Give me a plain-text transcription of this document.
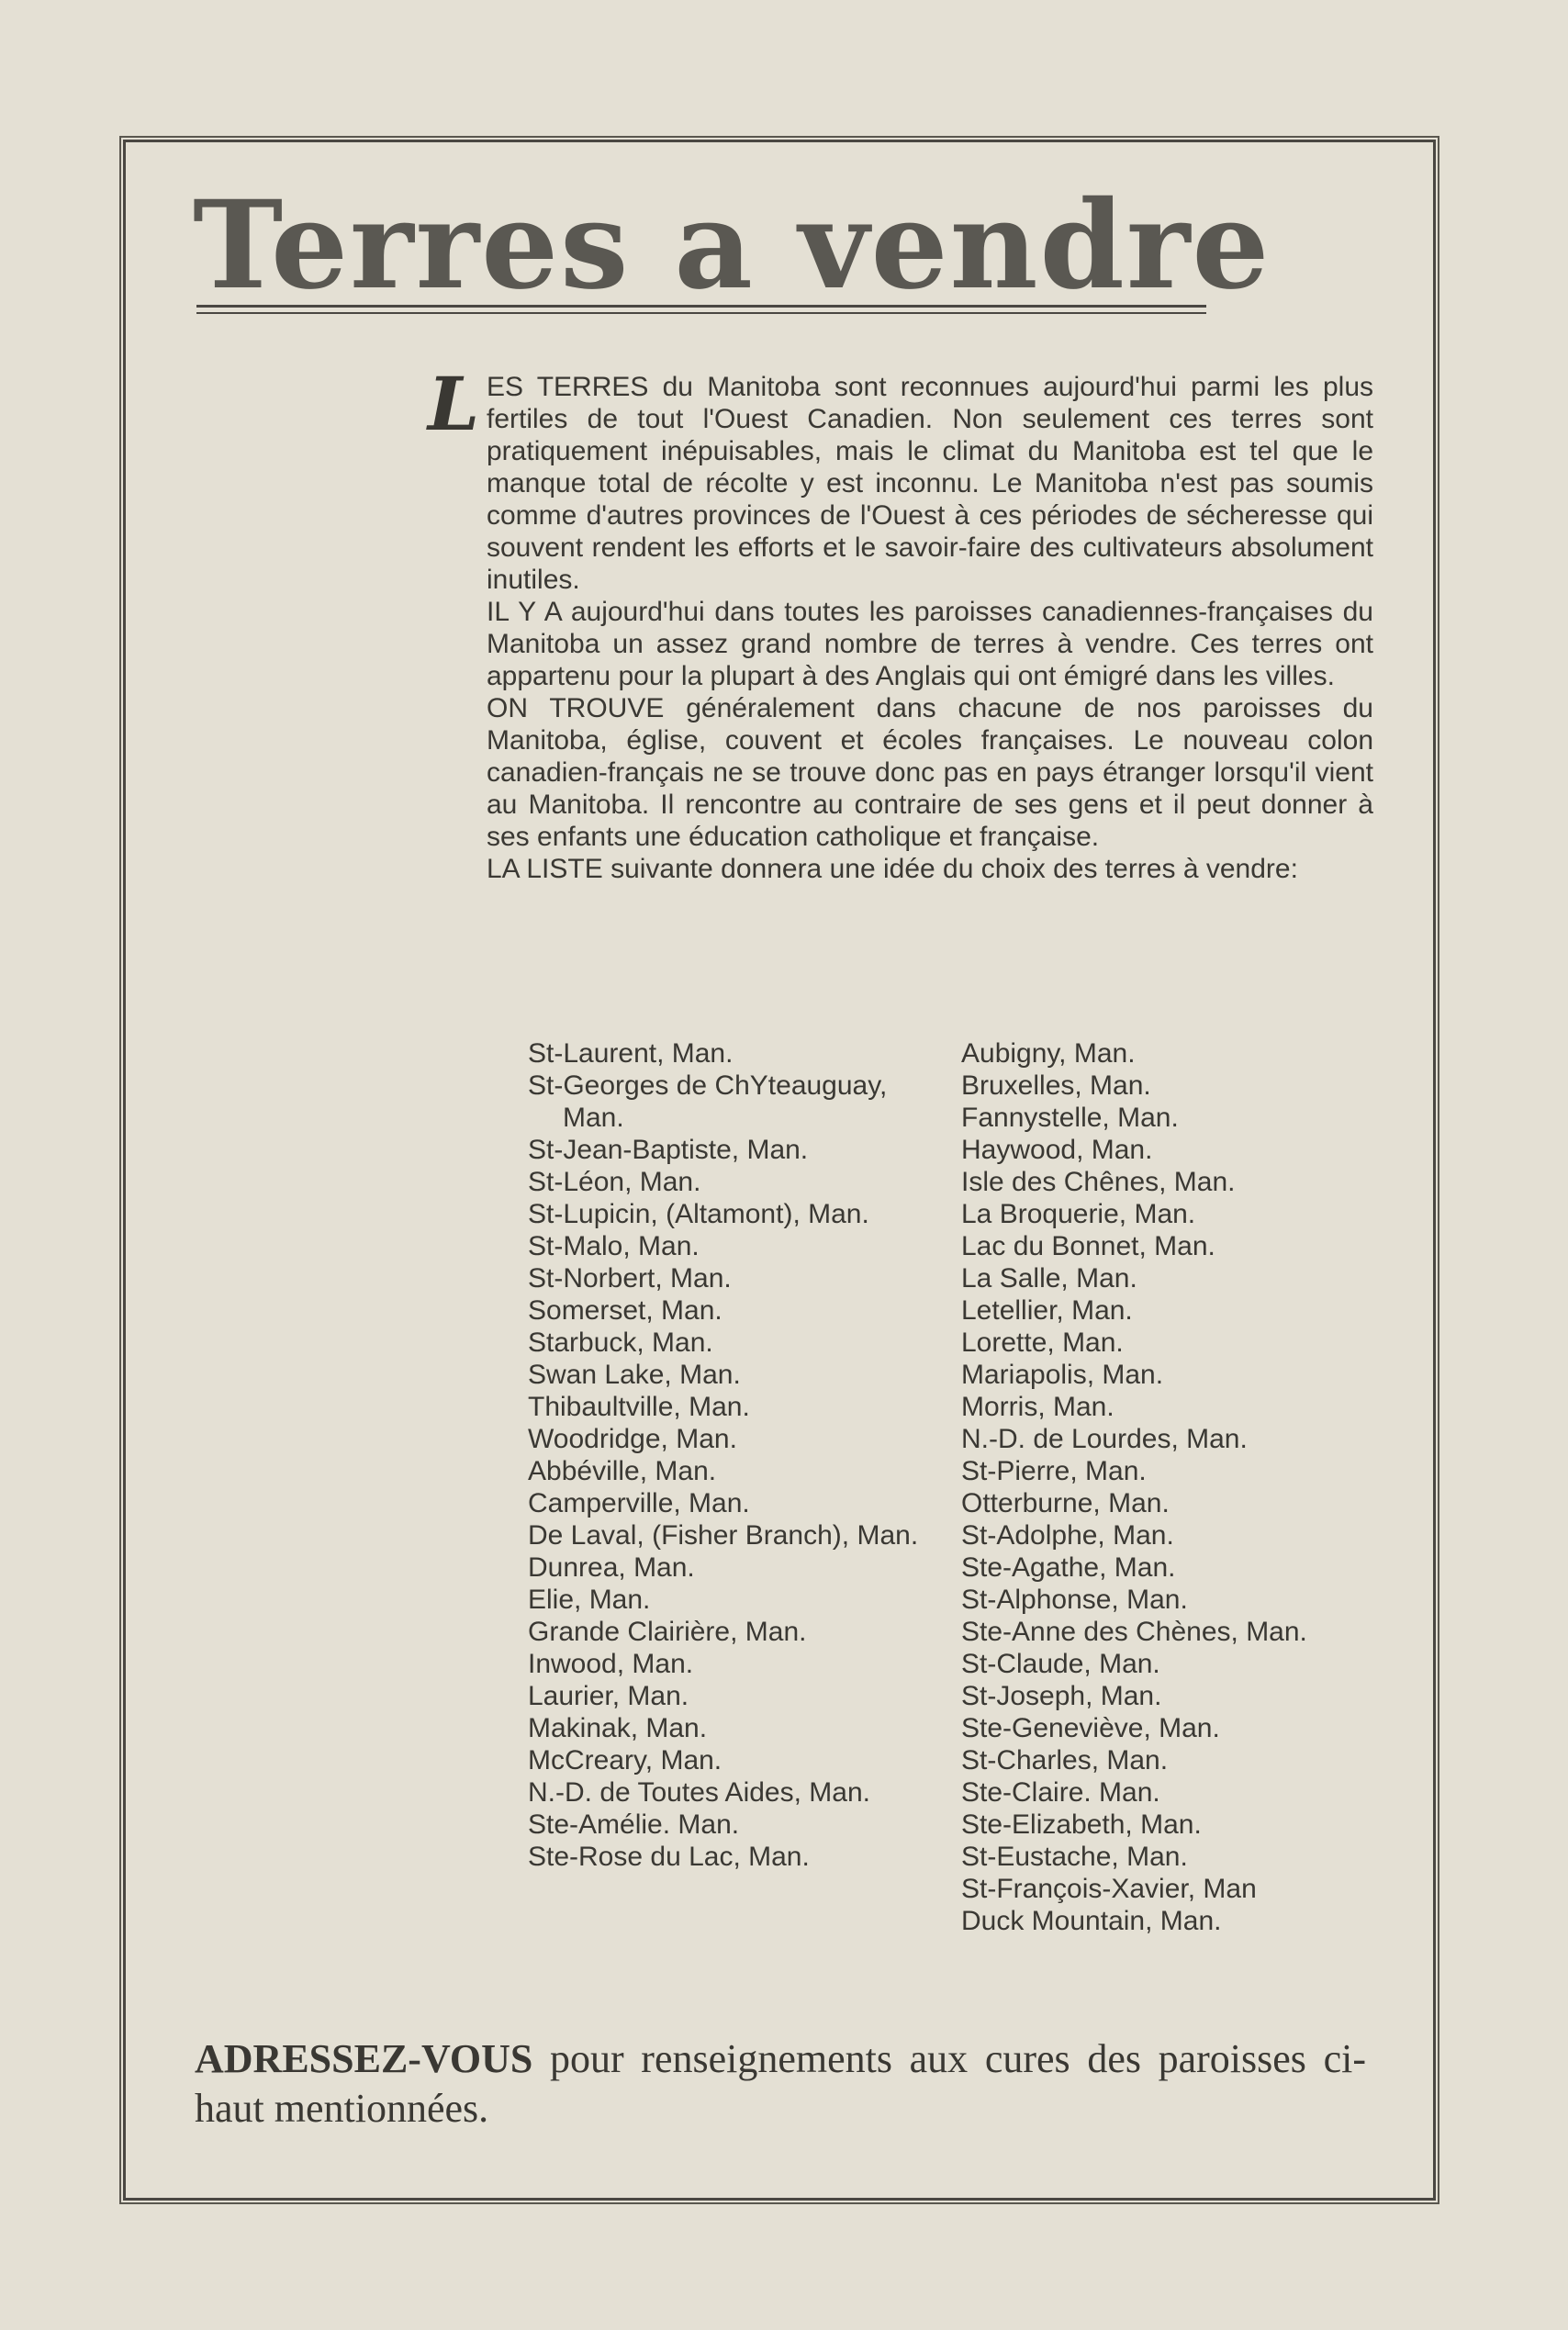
Terres a vendre
L ES TERRES du Manitoba sont reconnues aujourd'hui parmi les plus fertiles de tout l'Ouest Canadien. Non seulement ces terres sont pratiquement inépuisables, mais le climat du Manitoba est tel que le manque total de récolte y est inconnu. Le Manitoba n'est pas soumis comme d'autres provinces de l'Ouest à ces périodes de sécheresse qui souvent rendent les efforts et le savoir-faire des cultivateurs absolument inutiles.

IL Y A aujourd'hui dans toutes les paroisses canadiennes-françaises du Manitoba un assez grand nombre de terres à vendre. Ces terres ont appartenu pour la plupart à des Anglais qui ont émigré dans les villes.

ON TROUVE généralement dans chacune de nos paroisses du Manitoba, église, couvent et écoles françaises. Le nouveau colon canadien-français ne se trouve donc pas en pays étranger lorsqu'il vient au Manitoba. Il rencontre au contraire de ses gens et il peut donner à ses enfants une éducation catholique et française.

LA LISTE suivante donnera une idée du choix des terres à vendre:

St-Laurent, Man.
St-Georges de ChYteauguay, Man.
St-Jean-Baptiste, Man.
St-Léon, Man.
St-Lupicin, (Altamont), Man.
St-Malo, Man.
St-Norbert, Man.
Somerset, Man.
Starbuck, Man.
Swan Lake, Man.
Thibaultville, Man.
Woodridge, Man.
Abbéville, Man.
Camperville, Man.
De Laval, (Fisher Branch), Man.
Dunrea, Man.
Elie, Man.
Grande Clairière, Man.
Inwood, Man.
Laurier, Man.
Makinak, Man.
McCreary, Man.
N.-D. de Toutes Aides, Man.
Ste-Amélie. Man.
Ste-Rose du Lac, Man.
Aubigny, Man.
Bruxelles, Man.
Fannystelle, Man.
Haywood, Man.
Isle des Chênes, Man.
La Broquerie, Man.
Lac du Bonnet, Man.
La Salle, Man.
Letellier, Man.
Lorette, Man.
Mariapolis, Man.
Morris, Man.
N.-D. de Lourdes, Man.
St-Pierre, Man.
Otterburne, Man.
St-Adolphe, Man.
Ste-Agathe, Man.
St-Alphonse, Man.
Ste-Anne des Chènes, Man.
St-Claude, Man.
St-Joseph, Man.
Ste-Geneviève, Man.
St-Charles, Man.
Ste-Claire. Man.
Ste-Elizabeth, Man.
St-Eustache, Man.
St-François-Xavier, Man
Duck Mountain, Man.

ADRESSEZ-VOUS pour renseignements aux cures des paroisses ci-haut mentionnées.
